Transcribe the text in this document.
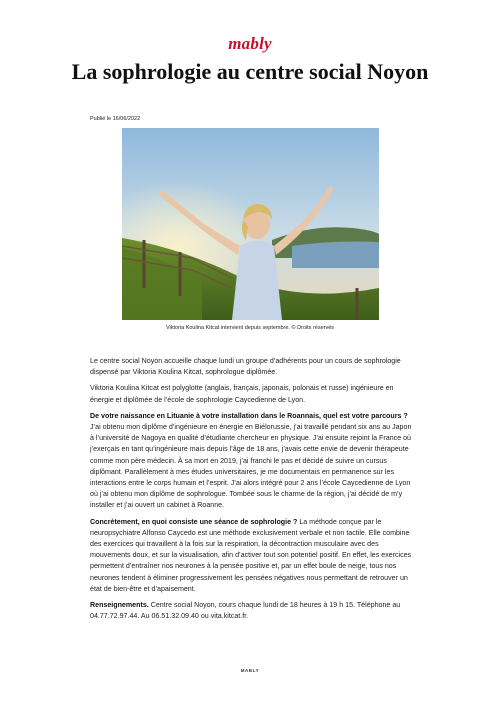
mably
La sophrologie au centre social Noyon
Publié le 16/06/2022
Viktoria Koulina Kitcat intervient depuis septembre. © Droits réservés

Le centre social Noyon accueille chaque lundi un groupe d’adhérents pour un cours de sophrologie dispensé par Viktoria Koulina Kitcat, sophrologue diplômée.

Viktoria Koulina Kitcat est polyglotte (anglais, français, japonais, polonais et russe) ingénieure en énergie et diplômée de l’école de sophrologie Caycedienne de Lyon.

De votre naissance en Lituanie à votre installation dans le Roannais, quel est votre parcours ? J’ai obtenu mon diplôme d’ingénieure en énergie en Biélorussie, j’ai travaillé pendant six ans au Japon à l’université de Nagoya en qualité d’étudiante chercheur en physique. J’ai ensuite rejoint la France où j’exerçais en tant qu’ingénieure mais depuis l’âge de 18 ans, j’avais cette envie de devenir thérapeute comme mon père médecin. À sa mort en 2019, j’ai franchi le pas et décidé de suivre un cursus diplômant. Parallèlement à mes études universitaires, je me documentais en permanence sur les interactions entre le corps humain et l’esprit. J’ai alors intégré pour 2 ans l’école Caycedienne de Lyon où j’ai obtenu mon diplôme de sophrologue. Tombée sous le charme de la région, j’ai décidé de m’y installer et j’ai ouvert un cabinet à Roanne.

Concrètement, en quoi consiste une séance de sophrologie ? La méthode conçue par le neuropsychiatre Alfonso Caycedo est une méthode exclusivement verbale et non tactile. Elle combine des exercices qui travaillent à la fois sur la respiration, la décontraction musculaire avec des mouvements doux, et sur la visualisation, afin d’activer tout son potentiel positif. En effet, les exercices permettent d’entraîner nos neurones à la pensée positive et, par un effet boule de neige, tous nos neurones tendent à éliminer progressivement les pensées négatives nous permettant de retrouver un état de bien-être et d’apaisement.

Renseignements. Centre social Noyon, cours chaque lundi de 18 heures à 19 h 15. Téléphone au 04.77.72.97.44. Au 06.51.32.09.40 ou vita.kitcat.fr.

MABLY
